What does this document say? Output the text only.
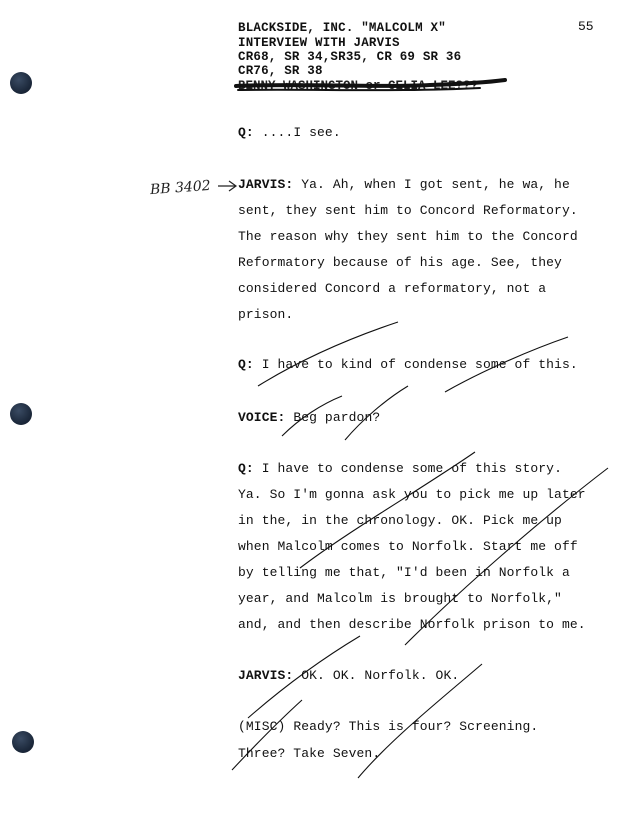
55
BLACKSIDE, INC. "MALCOLM X"
INTERVIEW WITH JARVIS
CR68, SR 34,SR35, CR 69 SR 36
CR76, SR 38
BENNY WASHINGTON or CELIA LEE???
BB 3402
Q: ....I see.
JARVIS: Ya. Ah, when I got sent, he wa, he
sent, they sent him to Concord Reformatory.
The reason why they sent him to the Concord
Reformatory because of his age. See, they
considered Concord a reformatory, not a
prison.
Q: I have to kind of condense some of this.
VOICE: Beg pardon?
Q: I have to condense some of this story.
Ya. So I'm gonna ask you to pick me up later
in the, in the chronology. OK. Pick me up
when Malcolm comes to Norfolk. Start me off
by telling me that, "I'd been in Norfolk a
year, and Malcolm is brought to Norfolk,"
and, and then describe Norfolk prison to me.
JARVIS: OK. OK. Norfolk. OK.
(MISC) Ready? This is four? Screening.
Three? Take Seven.
